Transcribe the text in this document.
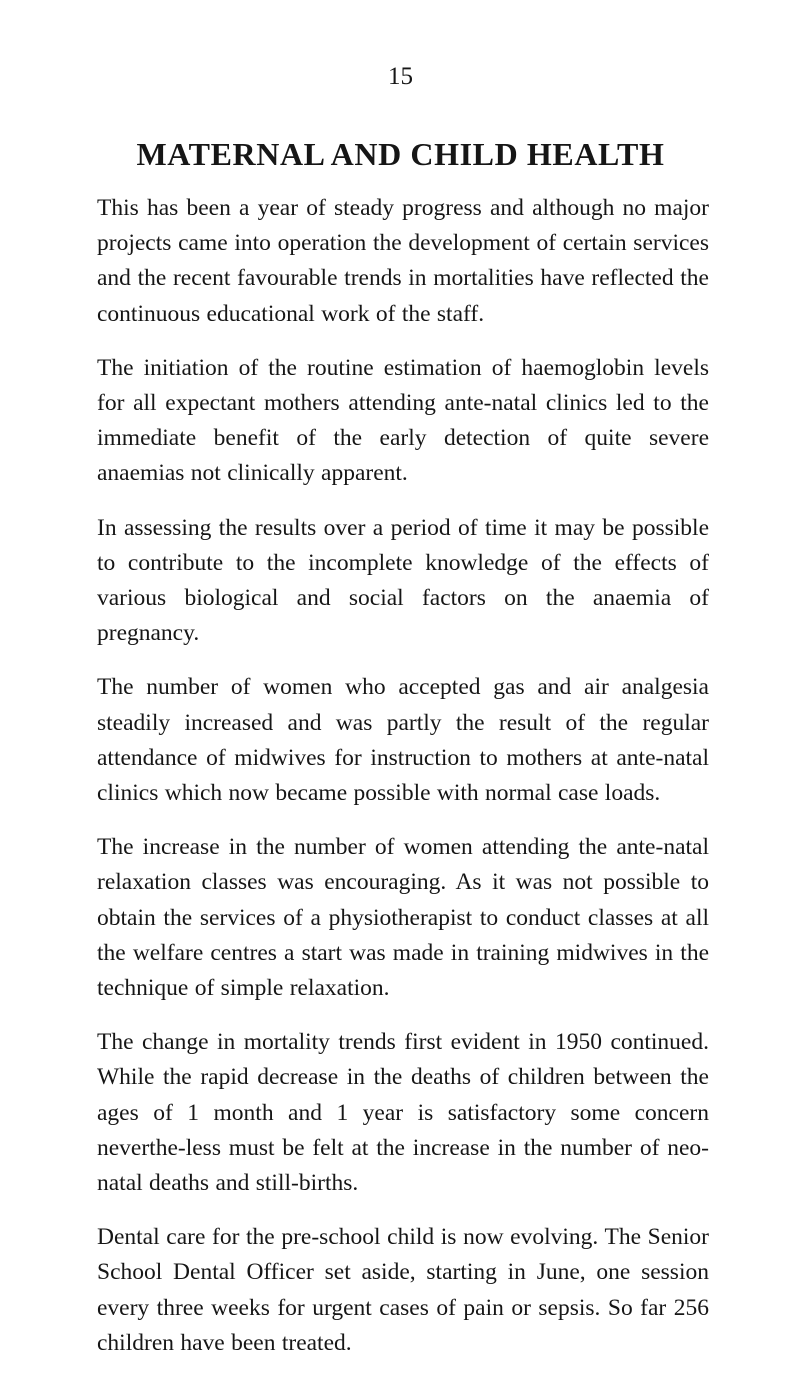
15
MATERNAL AND CHILD HEALTH

This has been a year of steady progress and although no major projects came into operation the development of certain services and the recent favourable trends in mortalities have reflected the continuous educational work of the staff.

The initiation of the routine estimation of haemoglobin levels for all expectant mothers attending ante-natal clinics led to the immediate benefit of the early detection of quite severe anaemias not clinically apparent.

In assessing the results over a period of time it may be possible to contribute to the incomplete knowledge of the effects of various biological and social factors on the anaemia of pregnancy.

The number of women who accepted gas and air analgesia steadily increased and was partly the result of the regular attendance of midwives for instruction to mothers at ante-natal clinics which now became possible with normal case loads.

The increase in the number of women attending the ante-natal relaxation classes was encouraging. As it was not possible to obtain the services of a physiotherapist to conduct classes at all the welfare centres a start was made in training midwives in the technique of simple relaxation.

The change in mortality trends first evident in 1950 continued. While the rapid decrease in the deaths of children between the ages of 1 month and 1 year is satisfactory some concern neverthe-less must be felt at the increase in the number of neo-natal deaths and still-births.

Dental care for the pre-school child is now evolving. The Senior School Dental Officer set aside, starting in June, one session every three weeks for urgent cases of pain or sepsis. So far 256 children have been treated.
